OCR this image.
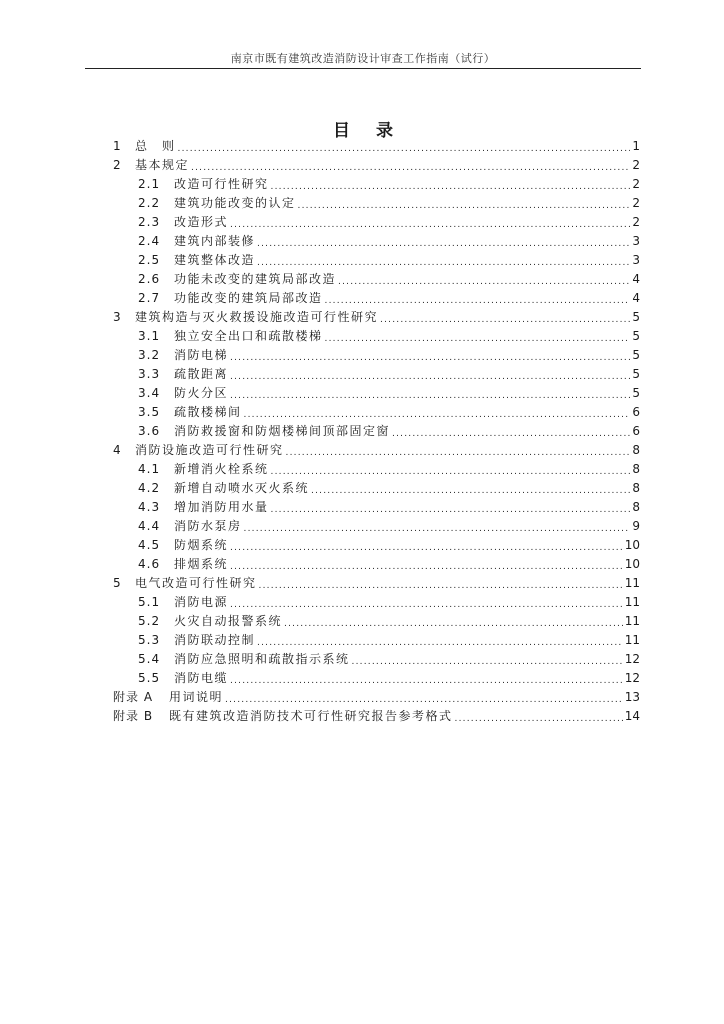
南京市既有建筑改造消防设计审查工作指南（试行）
目 录
1	总　则 .....	1
2	基本规定 .....	2
2.1	改造可行性研究 .....	2
2.2	建筑功能改变的认定 .....	2
2.3	改造形式 .....	2
2.4	建筑内部装修 .....	3
2.5	建筑整体改造 .....	3
2.6	功能未改变的建筑局部改造 .....	4
2.7	功能改变的建筑局部改造 .....	4
3	建筑构造与灭火救援设施改造可行性研究 .....	5
3.1	独立安全出口和疏散楼梯 .....	5
3.2	消防电梯 .....	5
3.3	疏散距离 .....	5
3.4	防火分区 .....	5
3.5	疏散楼梯间 .....	6
3.6	消防救援窗和防烟楼梯间顶部固定窗 .....	6
4	消防设施改造可行性研究 .....	8
4.1	新增消火栓系统 .....	8
4.2	新增自动喷水灭火系统 .....	8
4.3	增加消防用水量 .....	8
4.4	消防水泵房 .....	9
4.5	防烟系统 .....	10
4.6	排烟系统 .....	10
5	电气改造可行性研究 .....	11
5.1	消防电源 .....	11
5.2	火灾自动报警系统 .....	11
5.3	消防联动控制 .....	11
5.4	消防应急照明和疏散指示系统 .....	12
5.5	消防电缆 .....	12
附录 A	用词说明 .....	13
附录 B	既有建筑改造消防技术可行性研究报告参考格式 .....	14
